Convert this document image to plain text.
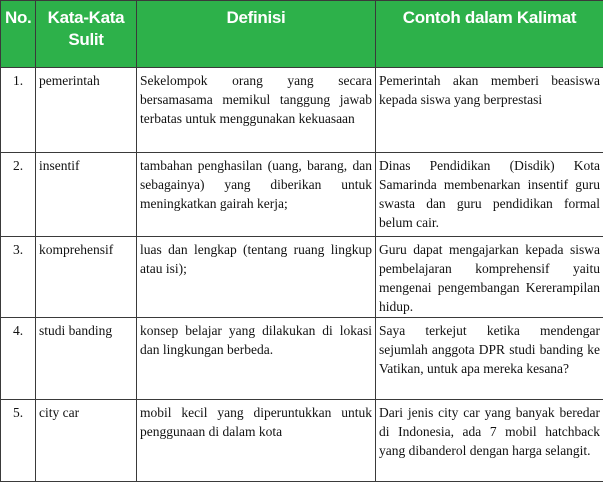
No.	Kata-Kata Sulit	Definisi	Contoh dalam Kalimat
1.	pemerintah	Sekelompok orang yang secara bersamasama memikul tanggung jawab terbatas untuk menggunakan kekuasaan	Pemerintah akan memberi beasiswa kepada siswa yang berprestasi
2.	insentif	tambahan penghasilan (uang, barang, dan sebagainya) yang diberikan untuk meningkatkan gairah kerja;	Dinas Pendidikan (Disdik) Kota Samarinda membenarkan insentif guru swasta dan guru pendidikan formal belum cair.
3.	komprehensif	luas dan lengkap (tentang ruang lingkup atau isi);	Guru dapat mengajarkan kepada siswa pembelajaran komprehensif yaitu mengenai pengembangan Kererampilan hidup.
4.	studi banding	konsep belajar yang dilakukan di lokasi dan lingkungan berbeda.	Saya terkejut ketika mendengar sejumlah anggota DPR studi banding ke Vatikan, untuk apa mereka kesana?
5.	city car	mobil kecil yang diperuntukkan untuk penggunaan di dalam kota	Dari jenis city car yang banyak beredar di Indonesia, ada 7 mobil hatchback yang dibanderol dengan harga selangit.
